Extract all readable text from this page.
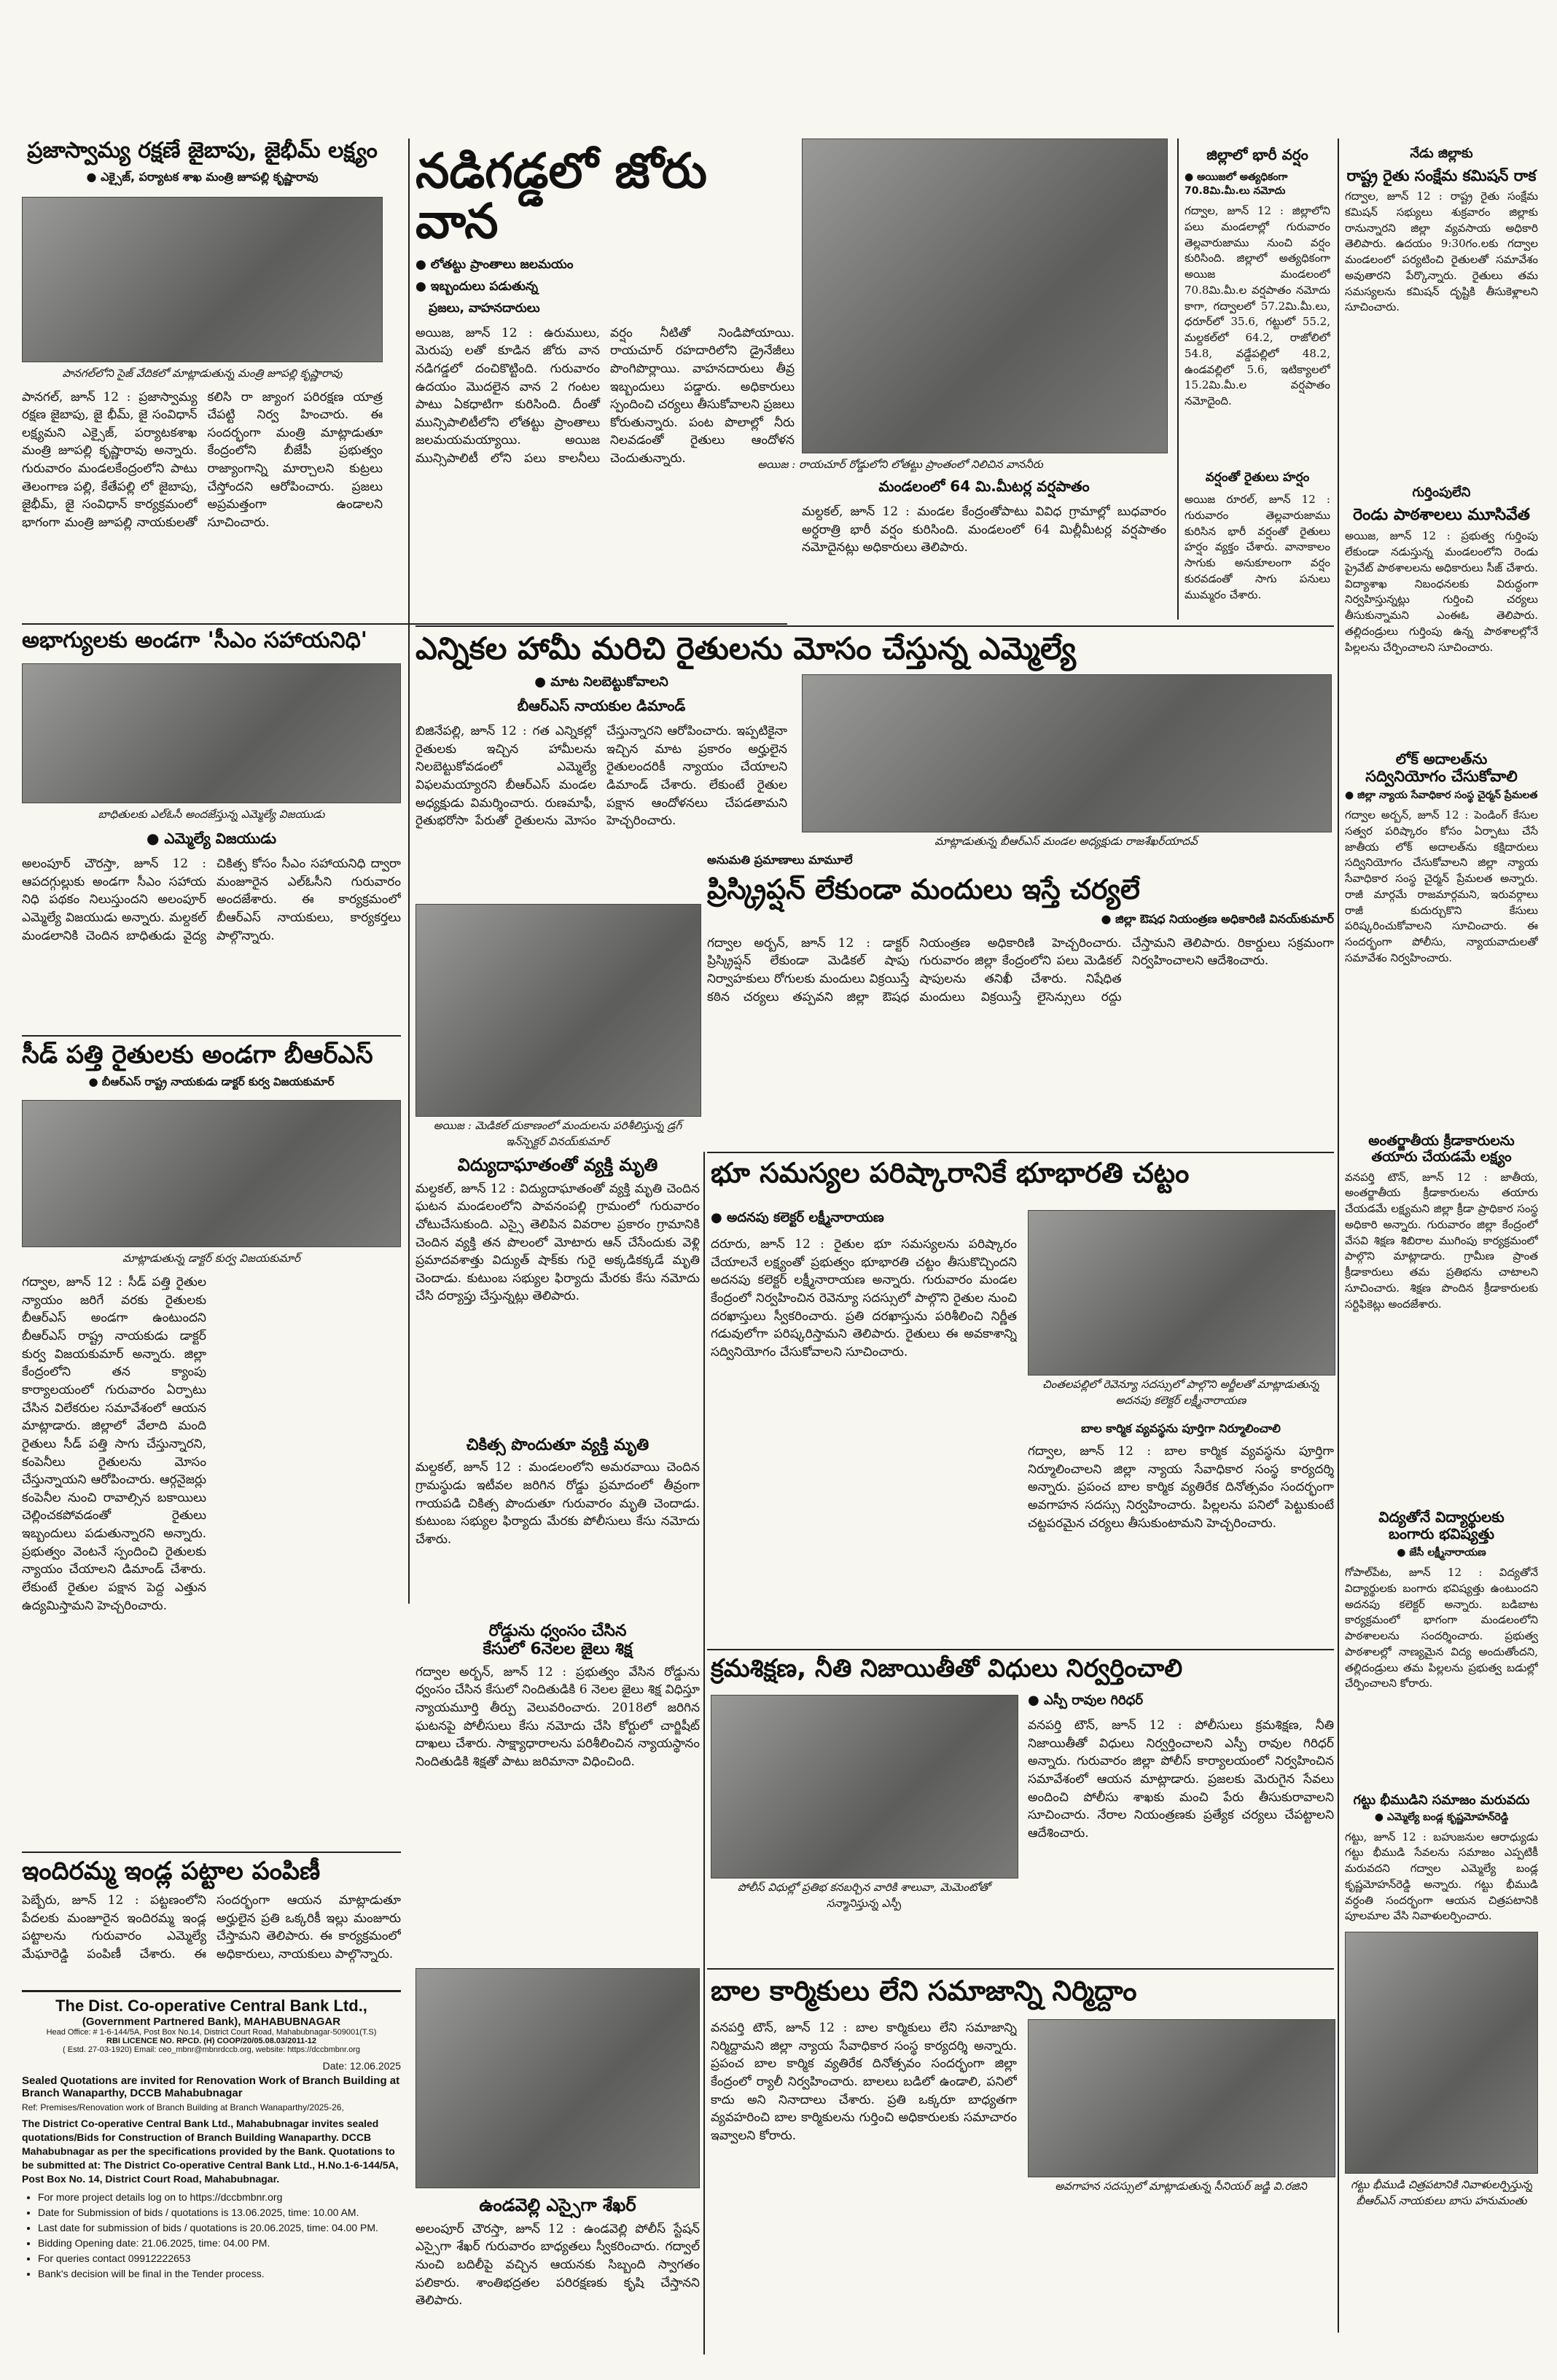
ప్రజాస్వామ్య రక్షణే జైబాపు, జైభీమ్ లక్ష్యం
● ఎక్సైజ్, పర్యాటక శాఖ మంత్రి జూపల్లి కృష్ణారావు
పానగల్‌లోని సైజ్ వేదికలో మాట్లాడుతున్న మంత్రి జూపల్లి కృష్ణారావు
పానగల్, జూన్ 12 : ప్రజాస్వామ్య రక్షణ జైబాపు, జై భీమ్, జై సంవిధాన్ లక్ష్యమని ఎక్సైజ్, పర్యాటకశాఖ మంత్రి జూపల్లి కృష్ణారావు అన్నారు. గురువారం మండలకేంద్రంలోని పాటు తెలంగాణ పల్లి, కేతేపల్లి లో జైబాపు, జైభీమ్, జై సంవిధాన్ కార్యక్రమంలో భాగంగా మంత్రి జూపల్లి నాయకులతో కలిసి రా జ్యాంగ పరిరక్షణ యాత్ర చేపట్టి నిర్వ హించారు. ఈ సందర్భంగా మంత్రి మాట్లాడుతూ కేంద్రంలోని బీజేపీ ప్రభుత్వం రాజ్యాంగాన్ని మార్చాలని కుట్రలు చేస్తోందని ఆరోపించారు. ప్రజలు అప్రమత్తంగా ఉండాలని సూచించారు.
అభాగ్యులకు అండగా 'సీఎం సహాయనిధి'
బాధితులకు ఎల్‌ఓసీ అందజేస్తున్న ఎమ్మెల్యే విజయుడు
● ఎమ్మెల్యే విజయుడు
అలంపూర్ చౌరస్తా, జూన్ 12 : ఆపదగ్గుల్లుకు అండగా సీఎం సహాయ నిధి పథకం నిలుస్తుందని అలంపూర్ ఎమ్మెల్యే విజయుడు అన్నారు. మల్దకల్ మండలానికి చెందిన బాధితుడు వైద్య చికిత్స కోసం సీఎం సహాయనిధి ద్వారా మంజూరైన ఎల్‌ఓసీని గురువారం అందజేశారు. ఈ కార్యక్రమంలో బీఆర్‌ఎస్ నాయకులు, కార్యకర్తలు పాల్గొన్నారు.
సీడ్ పత్తి రైతులకు అండగా బీఆర్‌ఎస్
● బీఆర్‌ఎస్ రాష్ట్ర నాయకుడు డాక్టర్ కుర్వ విజయకుమార్
మాట్లాడుతున్న డాక్టర్ కుర్వ విజయకుమార్
గద్వాల, జూన్ 12 : సీడ్ పత్తి రైతుల న్యాయం జరిగే వరకు రైతులకు బీఆర్‌ఎస్ అండగా ఉంటుందని బీఆర్‌ఎస్ రాష్ట్ర నాయకుడు డాక్టర్ కుర్వ విజయకుమార్ అన్నారు. జిల్లా కేంద్రంలోని తన క్యాంపు కార్యాలయంలో గురువారం ఏర్పాటు చేసిన విలేకరుల సమావేశంలో ఆయన మాట్లాడారు. జిల్లాలో వేలాది మంది రైతులు సీడ్ పత్తి సాగు చేస్తున్నారని, కంపెనీలు రైతులను మోసం చేస్తున్నాయని ఆరోపించారు. ఆర్గనైజర్లు కంపెనీల నుంచి రావాల్సిన బకాయిలు చెల్లించకపోవడంతో రైతులు ఇబ్బందులు పడుతున్నారని అన్నారు. ప్రభుత్వం వెంటనే స్పందించి రైతులకు న్యాయం చేయాలని డిమాండ్ చేశారు. లేకుంటే రైతుల పక్షాన పెద్ద ఎత్తున ఉద్యమిస్తామని హెచ్చరించారు.
ఇందిరమ్మ ఇండ్ల పట్టాల పంపిణీ
పెబ్బేరు, జూన్ 12 : పట్టణంలోని పేదలకు మంజూరైన ఇందిరమ్మ ఇండ్ల పట్టాలను గురువారం ఎమ్మెల్యే మేఘారెడ్డి పంపిణీ చేశారు. ఈ సందర్భంగా ఆయన మాట్లాడుతూ అర్హులైన ప్రతి ఒక్కరికీ ఇల్లు మంజూరు చేస్తామని తెలిపారు. ఈ కార్యక్రమంలో అధికారులు, నాయకులు పాల్గొన్నారు.
The Dist. Co-operative Central Bank Ltd.,
(Government Partnered Bank), MAHABUBNAGAR
Head Office: # 1-6-144/5A, Post Box No.14, District Court Road, Mahabubnagar-509001(T.S)
RBI LICENCE NO. RPCD. (H) COOP/20/05.08.03/2011-12
( Estd. 27-03-1920) Email: ceo_mbnr@mbnrdccb.org, website: https://dccbmbnr.org
Date: 12.06.2025
Sealed Quotations are invited for Renovation Work of Branch Building at Branch Wanaparthy, DCCB Mahabubnagar
Ref: Premises/Renovation work of Branch Building at Branch Wanaparthy/2025-26,
The District Co-operative Central Bank Ltd., Mahabubnagar invites sealed quotations/Bids for Construction of Branch Building Wanaparthy. DCCB Mahabubnagar as per the specifications provided by the Bank. Quotations to be submitted at: The District Co-operative Central Bank Ltd., H.No.1-6-144/5A, Post Box No. 14, District Court Road, Mahabubnagar.
• For more project details log on to https://dccbmbnr.org
• Date for Submission of bids / quotations is 13.06.2025, time: 10.00 AM.
• Last date for submission of bids / quotations is 20.06.2025, time: 04.00 PM.
• Bidding Opening date: 21.06.2025, time: 04.00 PM.
• For queries contact 09912222653
• Bank's decision will be final in the Tender process.
నడిగడ్డలో జోరు వాన
● లోతట్టు ప్రాంతాలు జలమయం
● ఇబ్బందులు పడుతున్న
ప్రజలు, వాహనదారులు
అయిజ, జూన్ 12 : ఉరుములు, మెరుపు లతో కూడిన జోరు వాన నడిగడ్డలో దంచికొట్టింది. గురువారం ఉదయం మొదలైన వాన 2 గంటల పాటు ఏకధాటిగా కురిసింది. దీంతో మున్సిపాలిటీలోని లోతట్టు ప్రాంతాలు జలమయమయ్యాయి. అయిజ మున్సిపాలిటీ లోని పలు కాలనీలు వర్షం నీటితో నిండిపోయాయి. రాయచూర్ రహదారిలోని డ్రైనేజీలు పొంగిపొర్లాయి. వాహనదారులు తీవ్ర ఇబ్బందులు పడ్డారు. అధికారులు స్పందించి చర్యలు తీసుకోవాలని ప్రజలు కోరుతున్నారు. పంట పొలాల్లో నీరు నిలవడంతో రైతులు ఆందోళన చెందుతున్నారు.	అయిజ : రాయచూర్ రోడ్డులోని లోతట్టు ప్రాంతంలో నిలిచిన వాననీరు
మండలంలో 64 మి.మీటర్ల వర్షపాతం
మల్దకల్, జూన్ 12 : మండల కేంద్రంతోపాటు వివిధ గ్రామాల్లో బుధవారం అర్ధరాత్రి భారీ వర్షం కురిసింది. మండలంలో 64 మిల్లీమీటర్ల వర్షపాతం నమోదైనట్లు అధికారులు తెలిపారు.
జిల్లాలో భారీ వర్షం
● అయిజలో అత్యధికంగా 70.8మి.మీ.లు నమోదు
గద్వాల, జూన్ 12 : జిల్లాలోని పలు మండలాల్లో గురువారం తెల్లవారుజాము నుంచి వర్షం కురిసింది. జిల్లాలో అత్యధికంగా అయిజ మండలంలో 70.8మి.మీ.ల వర్షపాతం నమోదు కాగా, గద్వాలలో 57.2మి.మీ.లు, ధరూర్‌లో 35.6, గట్టులో 55.2, మల్దకల్‌లో 64.2, రాజోలిలో 54.8, వడ్డేపల్లిలో 48.2, ఉండవల్లిలో 5.6, ఇటిక్యాలలో 15.2మి.మీ.ల వర్షపాతం నమోదైంది.
వర్షంతో రైతులు హర్షం
అయిజ రూరల్, జూన్ 12 : గురువారం తెల్లవారుజాము కురిసిన భారీ వర్షంతో రైతులు హర్షం వ్యక్తం చేశారు. వానాకాలం సాగుకు అనుకూలంగా వర్షం కురవడంతో సాగు పనులు ముమ్మరం చేశారు.
నేడు జిల్లాకు
రాష్ట్ర రైతు సంక్షేమ కమిషన్ రాక
గద్వాల, జూన్ 12 : రాష్ట్ర రైతు సంక్షేమ కమిషన్ సభ్యులు శుక్రవారం జిల్లాకు రానున్నారని జిల్లా వ్యవసాయ అధికారి తెలిపారు. ఉదయం 9:30గం.లకు గద్వాల మండలంలో పర్యటించి రైతులతో సమావేశం అవుతారని పేర్కొన్నారు. రైతులు తమ సమస్యలను కమిషన్ దృష్టికి తీసుకెళ్లాలని సూచించారు.
గుర్తింపులేని
రెండు పాఠశాలలు మూసివేత
అయిజ, జూన్ 12 : ప్రభుత్వ గుర్తింపు లేకుండా నడుస్తున్న మండలంలోని రెండు ప్రైవేట్ పాఠశాలలను అధికారులు సీజ్ చేశారు. విద్యాశాఖ నిబంధనలకు విరుద్ధంగా నిర్వహిస్తున్నట్లు గుర్తించి చర్యలు తీసుకున్నామని ఎంఈఓ తెలిపారు. తల్లిదండ్రులు గుర్తింపు ఉన్న పాఠశాలల్లోనే పిల్లలను చేర్పించాలని సూచించారు.
లోక్ అదాలత్‌ను
సద్వినియోగం చేసుకోవాలి
● జిల్లా న్యాయ సేవాధికార సంస్థ చైర్మన్ ప్రేమలత
గద్వాల అర్బన్, జూన్ 12 : పెండింగ్ కేసుల సత్వర పరిష్కారం కోసం ఏర్పాటు చేసే జాతీయ లోక్ అదాలత్‌ను కక్షిదారులు సద్వినియోగం చేసుకోవాలని జిల్లా న్యాయ సేవాధికార సంస్థ చైర్మన్ ప్రేమలత అన్నారు. రాజీ మార్గమే రాజమార్గమని, ఇరువర్గాలు రాజీ కుదుర్చుకొని కేసులు పరిష్కరించుకోవాలని సూచించారు. ఈ సందర్భంగా పోలీసు, న్యాయవాదులతో సమావేశం నిర్వహించారు.
అంతర్జాతీయ క్రీడాకారులను
తయారు చేయడమే లక్ష్యం
వనపర్తి టౌన్, జూన్ 12 : జాతీయ, అంతర్జాతీయ క్రీడాకారులను తయారు చేయడమే లక్ష్యమని జిల్లా క్రీడా ప్రాధికార సంస్థ అధికారి అన్నారు. గురువారం జిల్లా కేంద్రంలో వేసవి శిక్షణ శిబిరాల ముగింపు కార్యక్రమంలో పాల్గొని మాట్లాడారు. గ్రామీణ ప్రాంత క్రీడాకారులు తమ ప్రతిభను చాటాలని సూచించారు. శిక్షణ పొందిన క్రీడాకారులకు సర్టిఫికెట్లు అందజేశారు.
విద్యతోనే విద్యార్థులకు
బంగారు భవిష్యత్తు
● జేసీ లక్ష్మీనారాయణ
గోపాల్‌పేట, జూన్ 12 : విద్యతోనే విద్యార్థులకు బంగారు భవిష్యత్తు ఉంటుందని అదనపు కలెక్టర్ అన్నారు. బడిబాట కార్యక్రమంలో భాగంగా మండలంలోని పాఠశాలలను సందర్శించారు. ప్రభుత్వ పాఠశాలల్లో నాణ్యమైన విద్య అందుతోందని, తల్లిదండ్రులు తమ పిల్లలను ప్రభుత్వ బడుల్లో చేర్పించాలని కోరారు.
గట్టు భీముడిని సమాజం మరువదు
● ఎమ్మెల్యే బండ్ల కృష్ణమోహన్‌రెడ్డి
గట్టు, జూన్ 12 : బహుజనుల ఆరాధ్యుడు గట్టు భీముడి సేవలను సమాజం ఎప్పటికీ మరువదని గద్వాల ఎమ్మెల్యే బండ్ల కృష్ణమోహన్‌రెడ్డి అన్నారు. గట్టు భీముడి వర్ధంతి సందర్భంగా ఆయన చిత్రపటానికి పూలమాల వేసి నివాళులర్పించారు.
గట్టు భీముడి చిత్రపటానికి నివాళులర్పిస్తున్న బీఆర్‌ఎస్ నాయకులు బాసు హనుమంతు
ఎన్నికల హామీ మరిచి రైతులను మోసం చేస్తున్న ఎమ్మెల్యే
● మాట నిలబెట్టుకోవాలని
బీఆర్‌ఎస్ నాయకుల డిమాండ్
బిజినేపల్లి, జూన్ 12 : గత ఎన్నికల్లో రైతులకు ఇచ్చిన హామీలను నిలబెట్టుకోవడంలో ఎమ్మెల్యే విఫలమయ్యారని బీఆర్‌ఎస్ మండల అధ్యక్షుడు విమర్శించారు. రుణమాఫీ, రైతుభరోసా పేరుతో రైతులను మోసం చేస్తున్నారని ఆరోపించారు. ఇప్పటికైనా ఇచ్చిన మాట ప్రకారం అర్హులైన రైతులందరికీ న్యాయం చేయాలని డిమాండ్ చేశారు. లేకుంటే రైతుల పక్షాన ఆందోళనలు చేపడతామని హెచ్చరించారు.
మాట్లాడుతున్న బీఆర్‌ఎస్ మండల అధ్యక్షుడు రాజశేఖర్‌యాదవ్
అనుమతి ప్రమాణాలు మామూలే
ప్రిస్క్రిప్షన్ లేకుండా మందులు ఇస్తే చర్యలే
● జిల్లా ఔషధ నియంత్రణ అధికారిణి వినయ్‌కుమార్
గద్వాల అర్బన్, జూన్ 12 : డాక్టర్ ప్రిస్క్రిప్షన్ లేకుండా మెడికల్ షాపు నిర్వాహకులు రోగులకు మందులు విక్రయిస్తే కఠిన చర్యలు తప్పవని జిల్లా ఔషధ నియంత్రణ అధికారిణి హెచ్చరించారు. గురువారం జిల్లా కేంద్రంలోని పలు మెడికల్ షాపులను తనిఖీ చేశారు. నిషేధిత మందులు విక్రయిస్తే లైసెన్సులు రద్దు చేస్తామని తెలిపారు. రికార్డులు సక్రమంగా నిర్వహించాలని ఆదేశించారు.
అయిజ : మెడికల్ దుకాణంలో మందులను పరిశీలిస్తున్న డ్రగ్ ఇన్‌స్పెక్టర్ వినయ్‌కుమార్
విద్యుదాఘాతంతో వ్యక్తి మృతి
మల్దకల్, జూన్ 12 : విద్యుదాఘాతంతో వ్యక్తి మృతి చెందిన ఘటన మండలంలోని పావనంపల్లి గ్రామంలో గురువారం చోటుచేసుకుంది. ఎస్సై తెలిపిన వివరాల ప్రకారం గ్రామానికి చెందిన వ్యక్తి తన పొలంలో మోటారు ఆన్ చేసేందుకు వెళ్లి ప్రమాదవశాత్తు విద్యుత్ షాక్‌కు గురై అక్కడికక్కడే మృతి చెందాడు. కుటుంబ సభ్యుల ఫిర్యాదు మేరకు కేసు నమోదు చేసి దర్యాప్తు చేస్తున్నట్లు తెలిపారు.
చికిత్స పొందుతూ వ్యక్తి మృతి
మల్దకల్, జూన్ 12 : మండలంలోని అమరవాయి చెందిన గ్రామస్థుడు ఇటీవల జరిగిన రోడ్డు ప్రమాదంలో తీవ్రంగా గాయపడి చికిత్స పొందుతూ గురువారం మృతి చెందాడు. కుటుంబ సభ్యుల ఫిర్యాదు మేరకు పోలీసులు కేసు నమోదు చేశారు.
రోడ్డును ధ్వంసం చేసిన
కేసులో 6నెలల జైలు శిక్ష
గద్వాల అర్బన్, జూన్ 12 : ప్రభుత్వం వేసిన రోడ్డును ధ్వంసం చేసిన కేసులో నిందితుడికి 6 నెలల జైలు శిక్ష విధిస్తూ న్యాయమూర్తి తీర్పు వెలువరించారు. 2018లో జరిగిన ఘటనపై పోలీసులు కేసు నమోదు చేసి కోర్టులో చార్జిషీట్ దాఖలు చేశారు. సాక్ష్యాధారాలను పరిశీలించిన న్యాయస్థానం నిందితుడికి శిక్షతో పాటు జరిమానా విధించింది.
ఉండవెల్లి ఎస్సైగా శేఖర్
అలంపూర్ చౌరస్తా, జూన్ 12 : ఉండవెల్లి పోలీస్ స్టేషన్ ఎస్సైగా శేఖర్ గురువారం బాధ్యతలు స్వీకరించారు. గద్వాల్ నుంచి బదిలీపై వచ్చిన ఆయనకు సిబ్బంది స్వాగతం పలికారు. శాంతిభద్రతల పరిరక్షణకు కృషి చేస్తానని తెలిపారు.
భూ సమస్యల పరిష్కారానికే భూభారతి చట్టం
● అదనపు కలెక్టర్ లక్ష్మీనారాయణ
దరూరు, జూన్ 12 : రైతుల భూ సమస్యలను పరిష్కారం చేయాలనే లక్ష్యంతో ప్రభుత్వం భూభారతి చట్టం తీసుకొచ్చిందని అదనపు కలెక్టర్ లక్ష్మీనారాయణ అన్నారు. గురువారం మండల కేంద్రంలో నిర్వహించిన రెవెన్యూ సదస్సులో పాల్గొని రైతుల నుంచి దరఖాస్తులు స్వీకరించారు. ప్రతి దరఖాస్తును పరిశీలించి నిర్ణీత గడువులోగా పరిష్కరిస్తామని తెలిపారు. రైతులు ఈ అవకాశాన్ని సద్వినియోగం చేసుకోవాలని సూచించారు.
చింతలపల్లిలో రెవెన్యూ సదస్సులో పాల్గొని అర్జీలతో మాట్లాడుతున్న అదనపు కలెక్టర్ లక్ష్మీనారాయణ
బాల కార్మిక వ్యవస్థను పూర్తిగా నిర్మూలించాలి
గద్వాల, జూన్ 12 : బాల కార్మిక వ్యవస్థను పూర్తిగా నిర్మూలించాలని జిల్లా న్యాయ సేవాధికార సంస్థ కార్యదర్శి అన్నారు. ప్రపంచ బాల కార్మిక వ్యతిరేక దినోత్సవం సందర్భంగా అవగాహన సదస్సు నిర్వహించారు. పిల్లలను పనిలో పెట్టుకుంటే చట్టపరమైన చర్యలు తీసుకుంటామని హెచ్చరించారు.
క్రమశిక్షణ, నీతి నిజాయితీతో విధులు నిర్వర్తించాలి
● ఎస్పీ రావుల గిరిధర్
వనపర్తి టౌన్, జూన్ 12 : పోలీసులు క్రమశిక్షణ, నీతి నిజాయితీతో విధులు నిర్వర్తించాలని ఎస్పీ రావుల గిరిధర్ అన్నారు. గురువారం జిల్లా పోలీస్ కార్యాలయంలో నిర్వహించిన సమావేశంలో ఆయన మాట్లాడారు. ప్రజలకు మెరుగైన సేవలు అందించి పోలీసు శాఖకు మంచి పేరు తీసుకురావాలని సూచించారు. నేరాల నియంత్రణకు ప్రత్యేక చర్యలు చేపట్టాలని ఆదేశించారు.
పోలీస్ విధుల్లో ప్రతిభ కనబర్చిన వారికి శాలువా, మెమెంటోతో సన్మానిస్తున్న ఎస్పీ
బాల కార్మికులు లేని సమాజాన్ని నిర్మిద్దాం
వనపర్తి టౌన్, జూన్ 12 : బాల కార్మికులు లేని సమాజాన్ని నిర్మిద్దామని జిల్లా న్యాయ సేవాధికార సంస్థ కార్యదర్శి అన్నారు. ప్రపంచ బాల కార్మిక వ్యతిరేక దినోత్సవం సందర్భంగా జిల్లా కేంద్రంలో ర్యాలీ నిర్వహించారు. బాలలు బడిలో ఉండాలి, పనిలో కాదు అని నినాదాలు చేశారు. ప్రతి ఒక్కరూ బాధ్యతగా వ్యవహరించి బాల కార్మికులను గుర్తించి అధికారులకు సమాచారం ఇవ్వాలని కోరారు.
అవగాహన సదస్సులో మాట్లాడుతున్న సీనియర్ జడ్జి వి.రజిని
